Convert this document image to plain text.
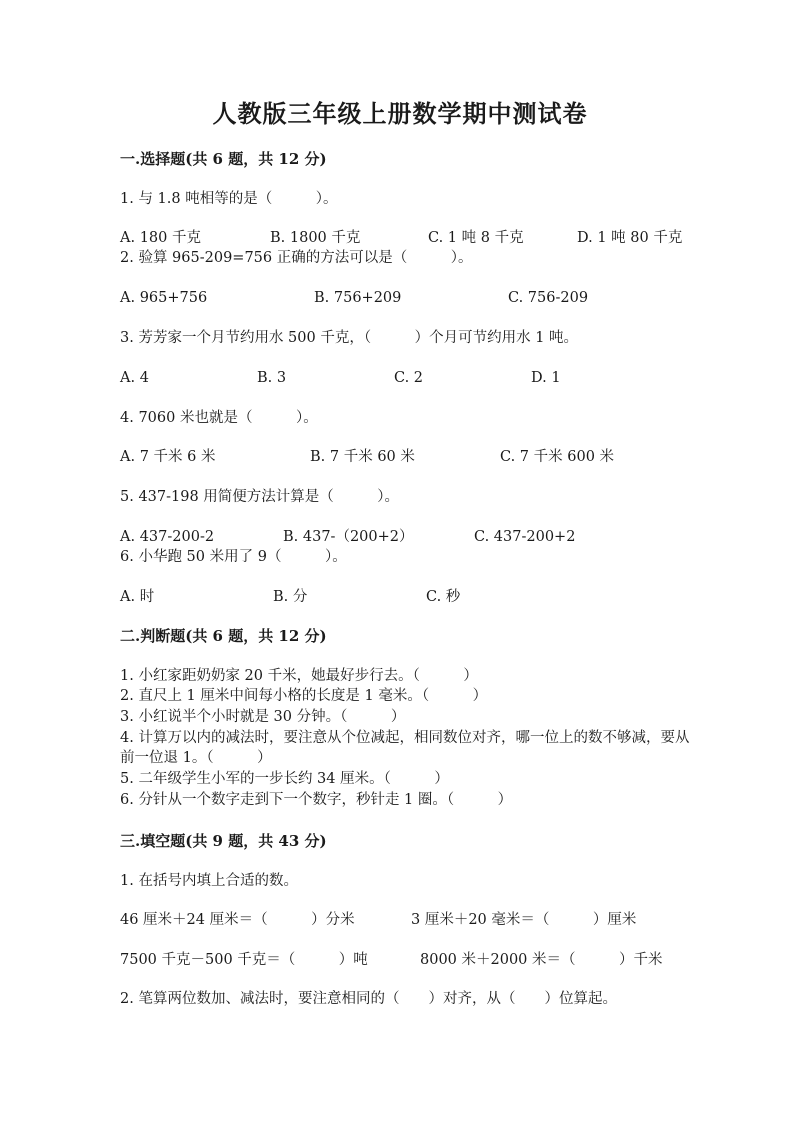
人教版三年级上册数学期中测试卷
一.选择题(共 6 题，共 12 分)
1. 与 1.8 吨相等的是（　　　）。
A. 180 千克	B. 1800 千克	C. 1 吨 8 千克	D. 1 吨 80 千克
2. 验算 965-209=756 正确的方法可以是（　　　）。
A. 965+756	B. 756+209	C. 756-209
3. 芳芳家一个月节约用水 500 千克，（　　　）个月可节约用水 1 吨。
A. 4	B. 3	C. 2	D. 1
4. 7060 米也就是（　　　）。
A. 7 千米 6 米	B. 7 千米 60 米	C. 7 千米 600 米
5. 437-198 用简便方法计算是（　　　）。
A. 437-200-2	B. 437-（200+2）	C. 437-200+2
6. 小华跑 50 米用了 9（　　　）。
A. 时	B. 分	C. 秒
二.判断题(共 6 题，共 12 分)
1. 小红家距奶奶家 20 千米，她最好步行去。（　　　）
2. 直尺上 1 厘米中间每小格的长度是 1 毫米。（　　　）
3. 小红说半个小时就是 30 分钟。（　　　）
4. 计算万以内的减法时，要注意从个位减起，相同数位对齐，哪一位上的数不够减，要从前一位退 1。（　　　）
5. 二年级学生小军的一步长约 34 厘米。（　　　）
6. 分针从一个数字走到下一个数字，秒针走 1 圈。（　　　）
三.填空题(共 9 题，共 43 分)
1. 在括号内填上合适的数。
46 厘米＋24 厘米＝（　　　）分米	3 厘米＋20 毫米＝（　　　）厘米
7500 千克－500 千克＝（　　　）吨	8000 米＋2000 米＝（　　　）千米
2. 笔算两位数加、减法时，要注意相同的（　　）对齐，从（　　）位算起。
